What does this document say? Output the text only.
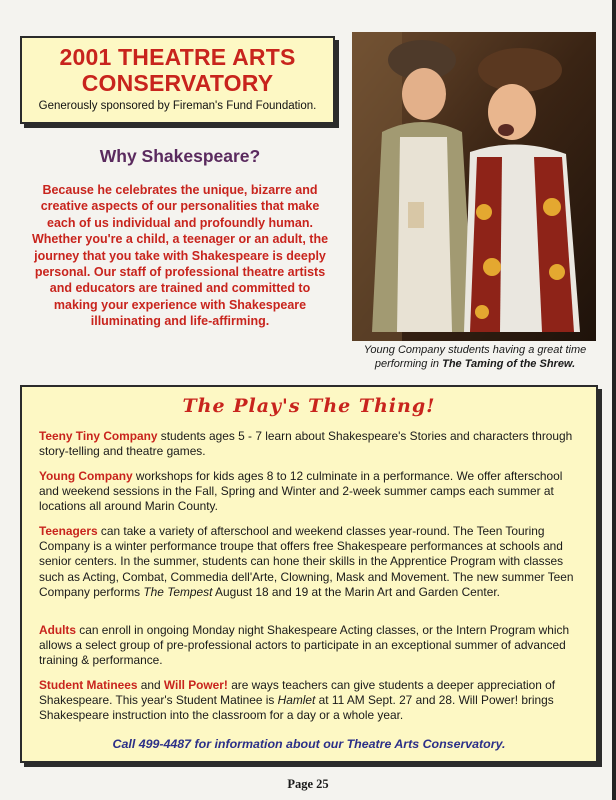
2001 THEATRE ARTS
CONSERVATORY
Generously sponsored by Fireman's Fund Foundation.
Why Shakespeare?
Because he celebrates the unique, bizarre and creative aspects of our personalities that make each of us individual and profoundly human. Whether you're a child, a teenager or an adult, the journey that you take with Shakespeare is deeply personal. Our staff of professional theatre artists and educators are trained and committed to making your experience with Shakespeare illuminating and life-affirming.
Young Company students having a great time performing in The Taming of the Shrew.
The Play's The Thing!
Teeny Tiny Company students ages 5 - 7 learn about Shakespeare's Stories and characters through story-telling and theatre games.
Young Company workshops for kids ages 8 to 12 culminate in a performance. We offer afterschool and weekend sessions in the Fall, Spring and Winter and 2-week summer camps each summer at locations all around Marin County.
Teenagers can take a variety of afterschool and weekend classes year-round. The Teen Touring Company is a winter performance troupe that offers free Shakespeare performances at schools and senior centers. In the summer, students can hone their skills in the Apprentice Program with classes such as Acting, Combat, Commedia dell'Arte, Clowning, Mask and Movement. The new summer Teen Company performs The Tempest August 18 and 19 at the Marin Art and Garden Center.
Adults can enroll in ongoing Monday night Shakespeare Acting classes, or the Intern Program which allows a select group of pre-professional actors to participate in an exceptional summer of advanced training & performance.
Student Matinees and Will Power! are ways teachers can give students a deeper appreciation of Shakespeare. This year's Student Matinee is Hamlet at 11 AM Sept. 27 and 28. Will Power! brings Shakespeare instruction into the classroom for a day or a whole year.
Call 499-4487 for information about our Theatre Arts Conservatory.
Page 25
